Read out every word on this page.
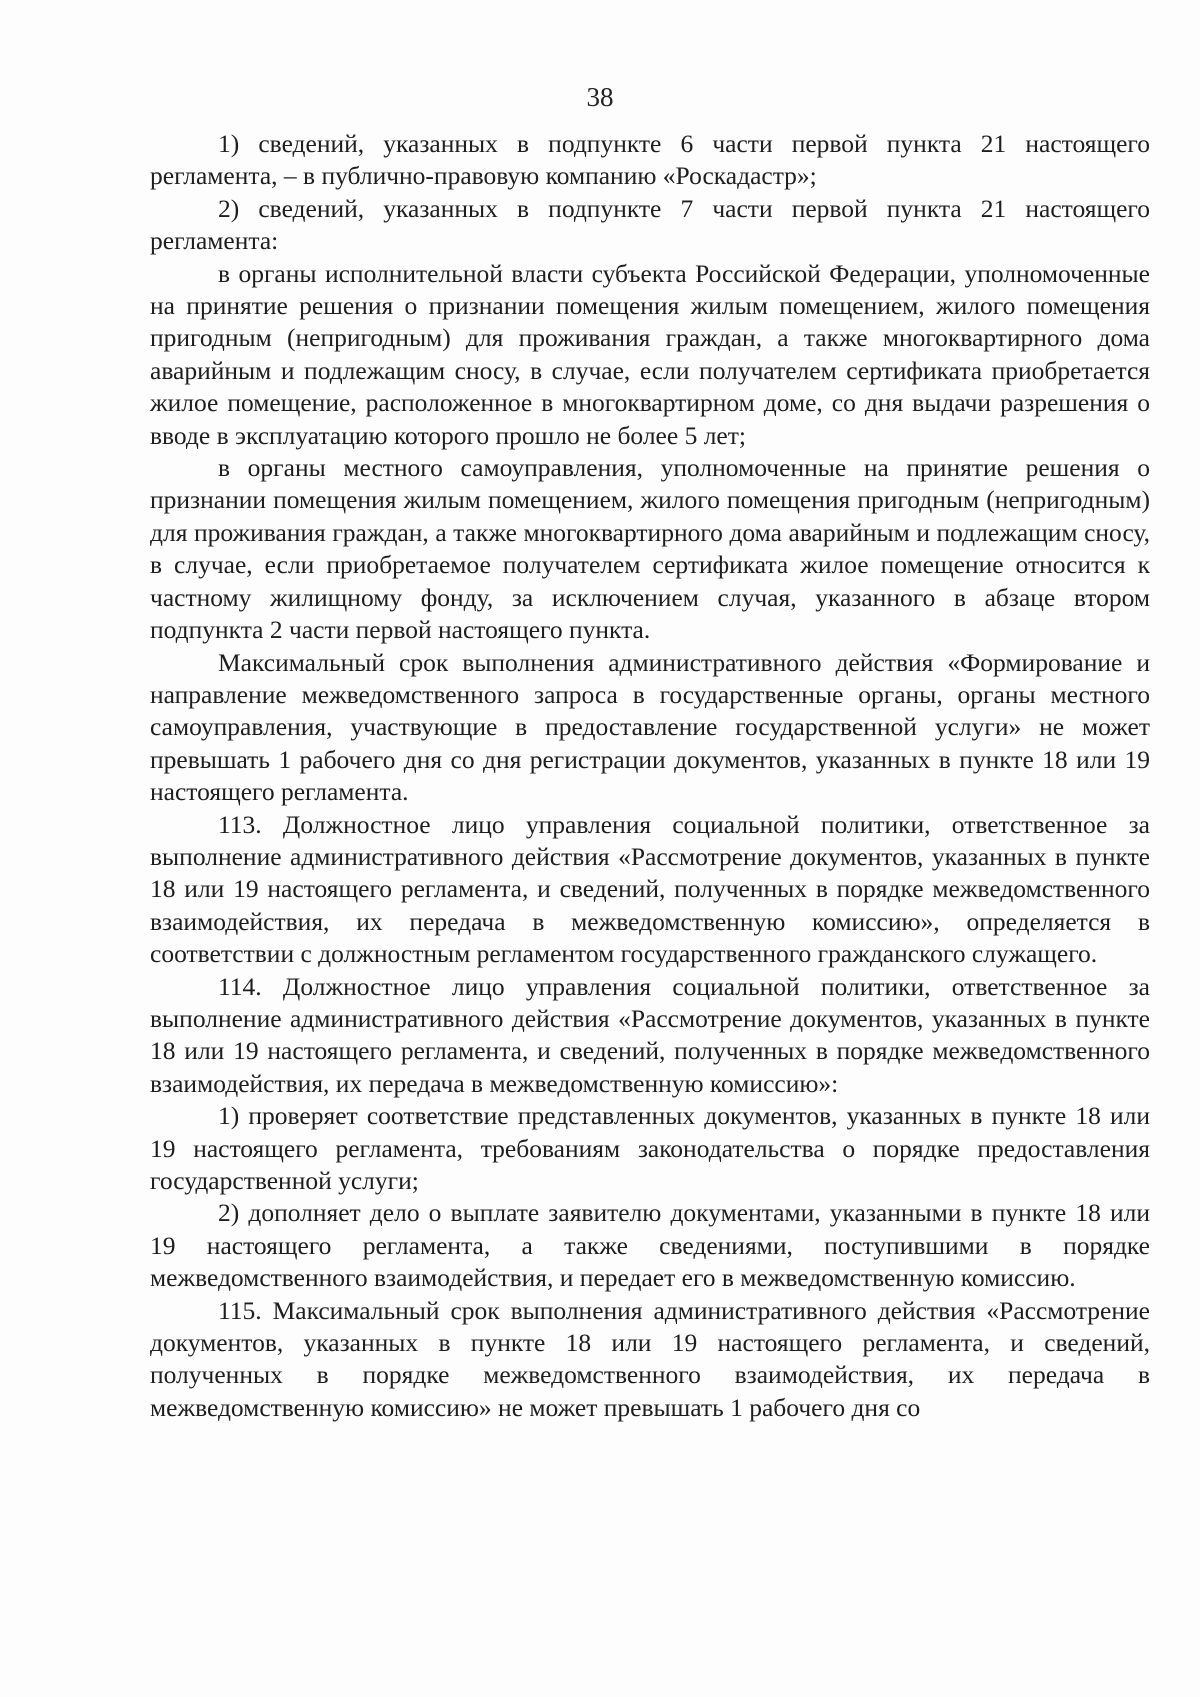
38

1) сведений, указанных в подпункте 6 части первой пункта 21 настоящего регламента, – в публично-правовую компанию «Роскадастр»;

2) сведений, указанных в подпункте 7 части первой пункта 21 настоящего регламента:

в органы исполнительной власти субъекта Российской Федерации, уполномоченные на принятие решения о признании помещения жилым помещением, жилого помещения пригодным (непригодным) для проживания граждан, а также многоквартирного дома аварийным и подлежащим сносу, в случае, если получателем сертификата приобретается жилое помещение, расположенное в многоквартирном доме, со дня выдачи разрешения о вводе в эксплуатацию которого прошло не более 5 лет;

в органы местного самоуправления, уполномоченные на принятие решения о признании помещения жилым помещением, жилого помещения пригодным (непригодным) для проживания граждан, а также многоквартирного дома аварийным и подлежащим сносу, в случае, если приобретаемое получателем сертификата жилое помещение относится к частному жилищному фонду, за исключением случая, указанного в абзаце втором подпункта 2 части первой настоящего пункта.

Максимальный срок выполнения административного действия «Формирование и направление межведомственного запроса в государственные органы, органы местного самоуправления, участвующие в предоставление государственной услуги» не может превышать 1 рабочего дня со дня регистрации документов, указанных в пункте 18 или 19 настоящего регламента.

113. Должностное лицо управления социальной политики, ответственное за выполнение административного действия «Рассмотрение документов, указанных в пункте 18 или 19 настоящего регламента, и сведений, полученных в порядке межведомственного взаимодействия, их передача в межведомственную комиссию», определяется в соответствии с должностным регламентом государственного гражданского служащего.

114. Должностное лицо управления социальной политики, ответственное за выполнение административного действия «Рассмотрение документов, указанных в пункте 18 или 19 настоящего регламента, и сведений, полученных в порядке межведомственного взаимодействия, их передача в межведомственную комиссию»:

1) проверяет соответствие представленных документов, указанных в пункте 18 или 19 настоящего регламента, требованиям законодательства о порядке предоставления государственной услуги;

2) дополняет дело о выплате заявителю документами, указанными в пункте 18 или 19 настоящего регламента, а также сведениями, поступившими в порядке межведомственного взаимодействия, и передает его в межведомственную комиссию.

115. Максимальный срок выполнения административного действия «Рассмотрение документов, указанных в пункте 18 или 19 настоящего регламента, и сведений, полученных в порядке межведомственного взаимодействия, их передача в межведомственную комиссию» не может превышать 1 рабочего дня со
